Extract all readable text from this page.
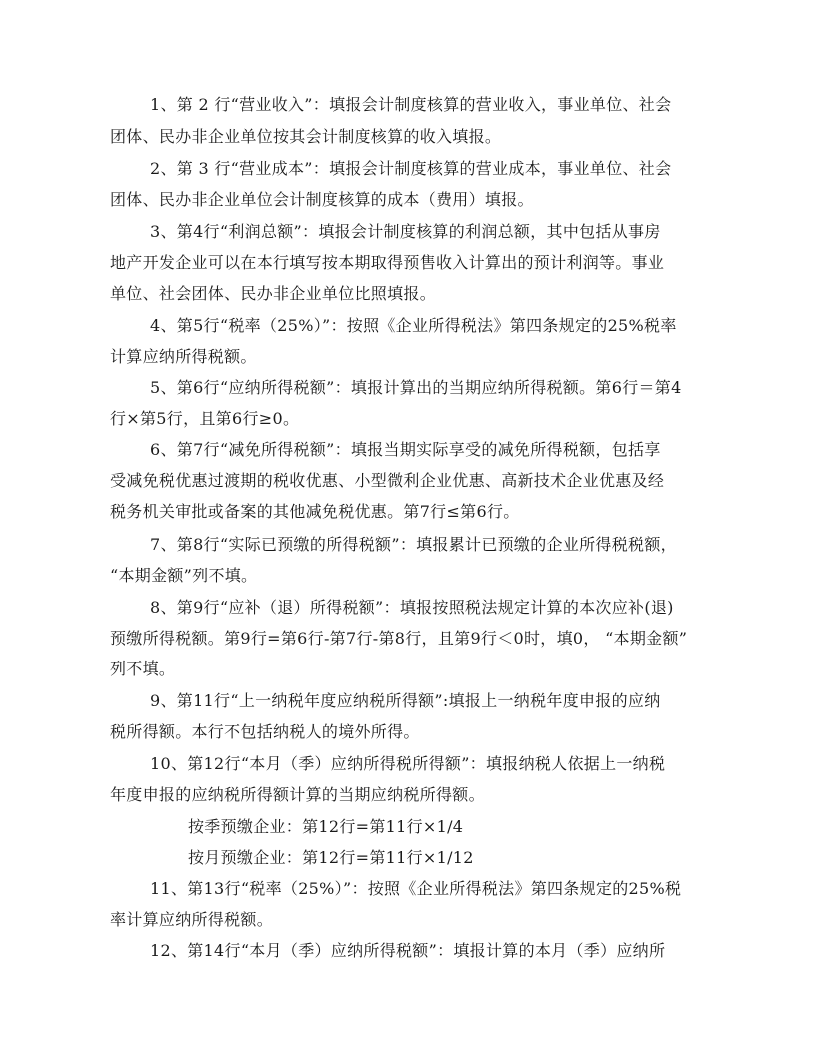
1、第 2 行“营业收入”：填报会计制度核算的营业收入，事业单位、社会

团体、民办非企业单位按其会计制度核算的收入填报。

2、第 3 行“营业成本”：填报会计制度核算的营业成本，事业单位、社会

团体、民办非企业单位会计制度核算的成本（费用）填报。

3、第4行“利润总额”：填报会计制度核算的利润总额，其中包括从事房

地产开发企业可以在本行填写按本期取得预售收入计算出的预计利润等。事业

单位、社会团体、民办非企业单位比照填报。

4、第5行“税率（25%）”：按照《企业所得税法》第四条规定的25%税率

计算应纳所得税额。

5、第6行“应纳所得税额”：填报计算出的当期应纳所得税额。第6行＝第4

行×第5行，且第6行≥0。

6、第7行“减免所得税额”：填报当期实际享受的减免所得税额，包括享

受减免税优惠过渡期的税收优惠、小型微利企业优惠、高新技术企业优惠及经

税务机关审批或备案的其他减免税优惠。第7行≤第6行。

7、第8行“实际已预缴的所得税额”：填报累计已预缴的企业所得税税额，

“本期金额”列不填。

8、第9行“应补（退）所得税额”：填报按照税法规定计算的本次应补(退)

预缴所得税额。第9行=第6行-第7行-第8行，且第9行＜0时，填0， “本期金额”

列不填。

9、第11行“上一纳税年度应纳税所得额”:填报上一纳税年度申报的应纳

税所得额。本行不包括纳税人的境外所得。

10、第12行“本月（季）应纳所得税所得额”：填报纳税人依据上一纳税

年度申报的应纳税所得额计算的当期应纳税所得额。

按季预缴企业：第12行=第11行×1/4

按月预缴企业：第12行=第11行×1/12

11、第13行“税率（25%）”：按照《企业所得税法》第四条规定的25%税

率计算应纳所得税额。

12、第14行“本月（季）应纳所得税额”：填报计算的本月（季）应纳所
